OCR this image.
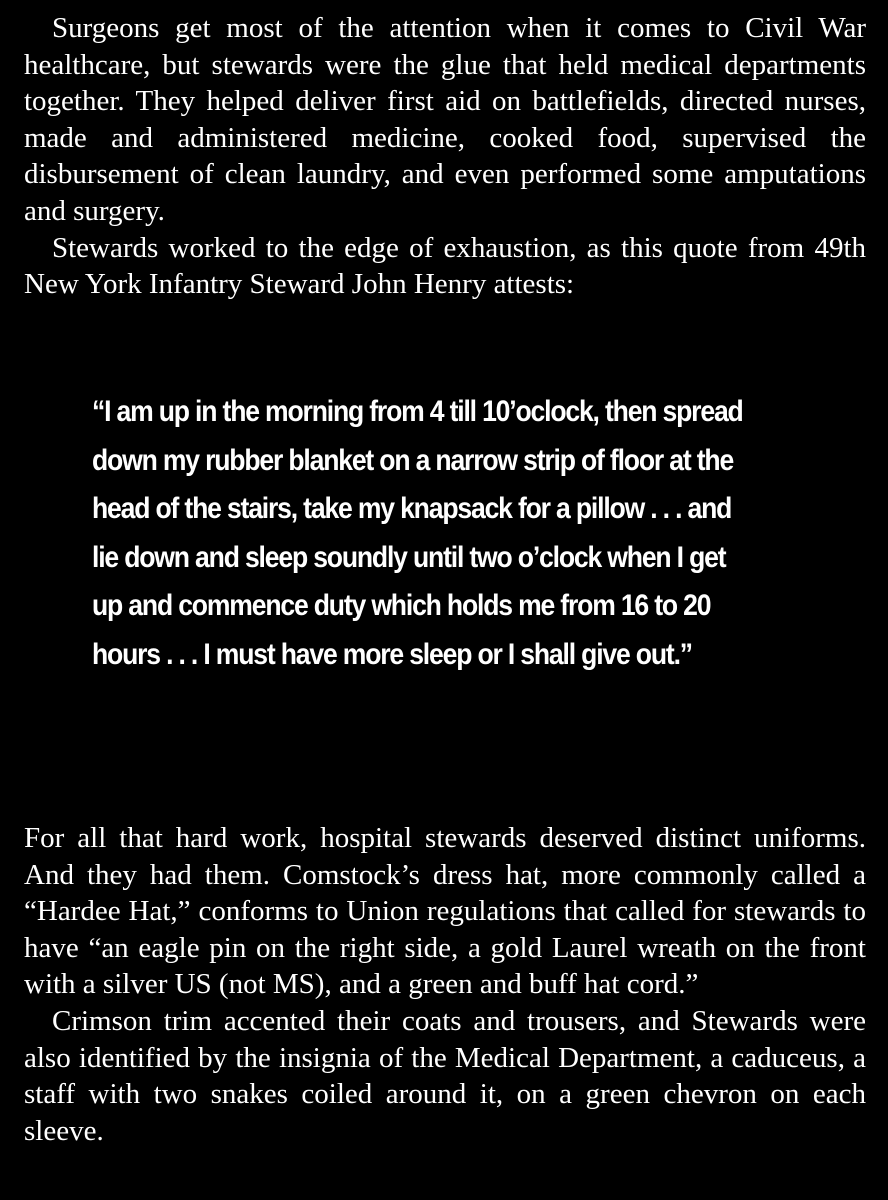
Surgeons get most of the attention when it comes to Civil War healthcare, but stewards were the glue that held medical departments together. They helped deliver first aid on battlefields, directed nurses, made and administered medicine, cooked food, supervised the disbursement of clean laundry, and even performed some amputations and surgery.

Stewards worked to the edge of exhaustion, as this quote from 49th New York Infantry Steward John Henry attests:

“I am up in the morning from 4 till 10’oclock, then spread down my rubber blanket on a narrow strip of floor at the head of the stairs, take my knapsack for a pillow . . . and lie down and sleep soundly until two o’clock when I get up and commence duty which holds me from 16 to 20 hours . . . I must have more sleep or I shall give out.”

For all that hard work, hospital stewards deserved distinct uniforms. And they had them. Comstock’s dress hat, more commonly called a “Hardee Hat,” conforms to Union regulations that called for stewards to have “an eagle pin on the right side, a gold Laurel wreath on the front with a silver US (not MS), and a green and buff hat cord.”

Crimson trim accented their coats and trousers, and Stewards were also identified by the insignia of the Medical Department, a caduceus, a staff with two snakes coiled around it, on a green chevron on each sleeve.
